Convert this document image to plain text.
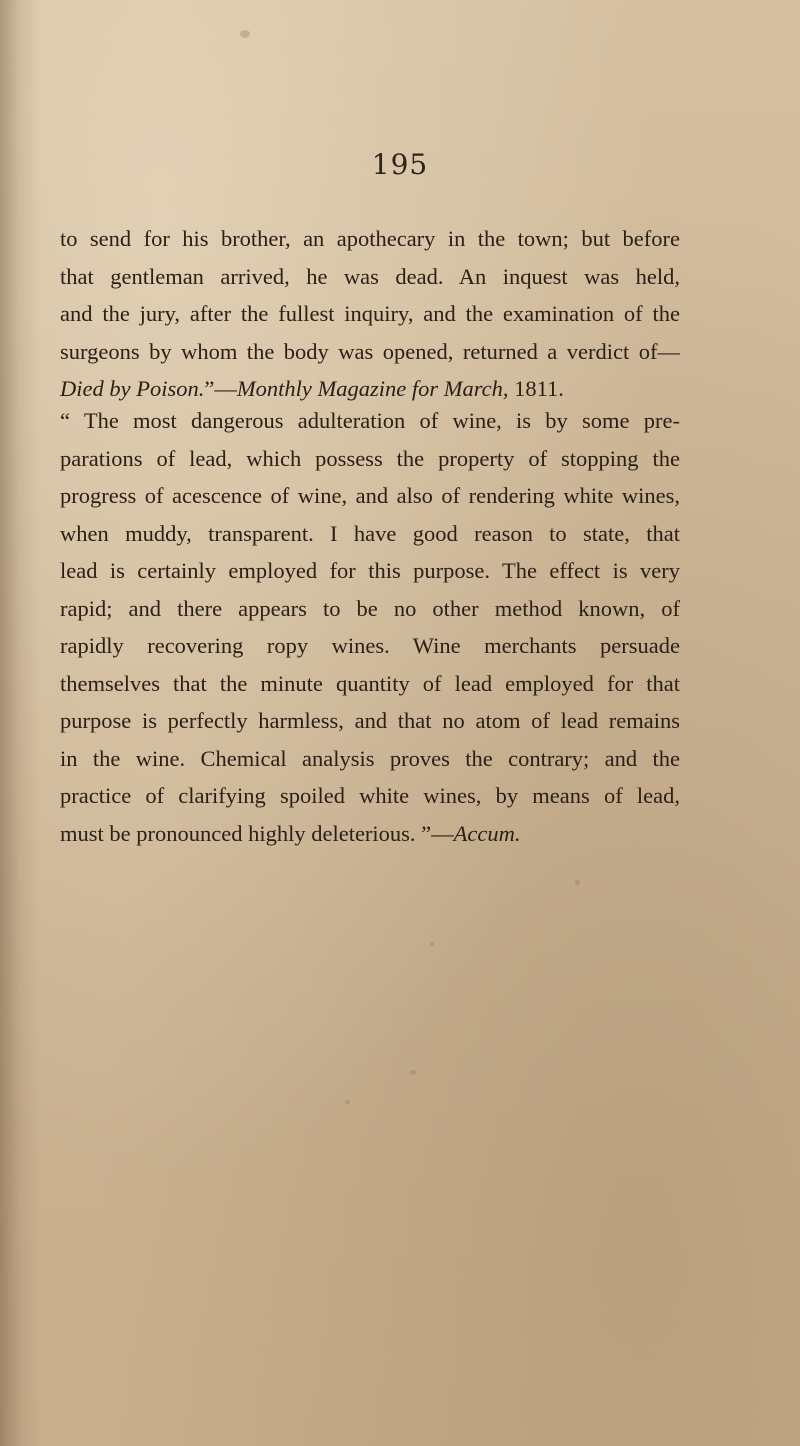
195
to send for his brother, an apothecary in the town; but before
that gentleman arrived, he was dead. An inquest was held,
and the jury, after the fullest inquiry, and the examination of the
surgeons by whom the body was opened, returned a verdict of—
Died by Poison.”—Monthly Magazine for March, 1811.
“ The most dangerous adulteration of wine, is by some pre-
parations of lead, which possess the property of stopping the
progress of acescence of wine, and also of rendering white wines,
when muddy, transparent. I have good reason to state, that
lead is certainly employed for this purpose. The effect is very
rapid; and there appears to be no other method known, of
rapidly recovering ropy wines. Wine merchants persuade
themselves that the minute quantity of lead employed for that
purpose is perfectly harmless, and that no atom of lead remains
in the wine. Chemical analysis proves the contrary; and the
practice of clarifying spoiled white wines, by means of lead,
must be pronounced highly deleterious. ”—Accum.
